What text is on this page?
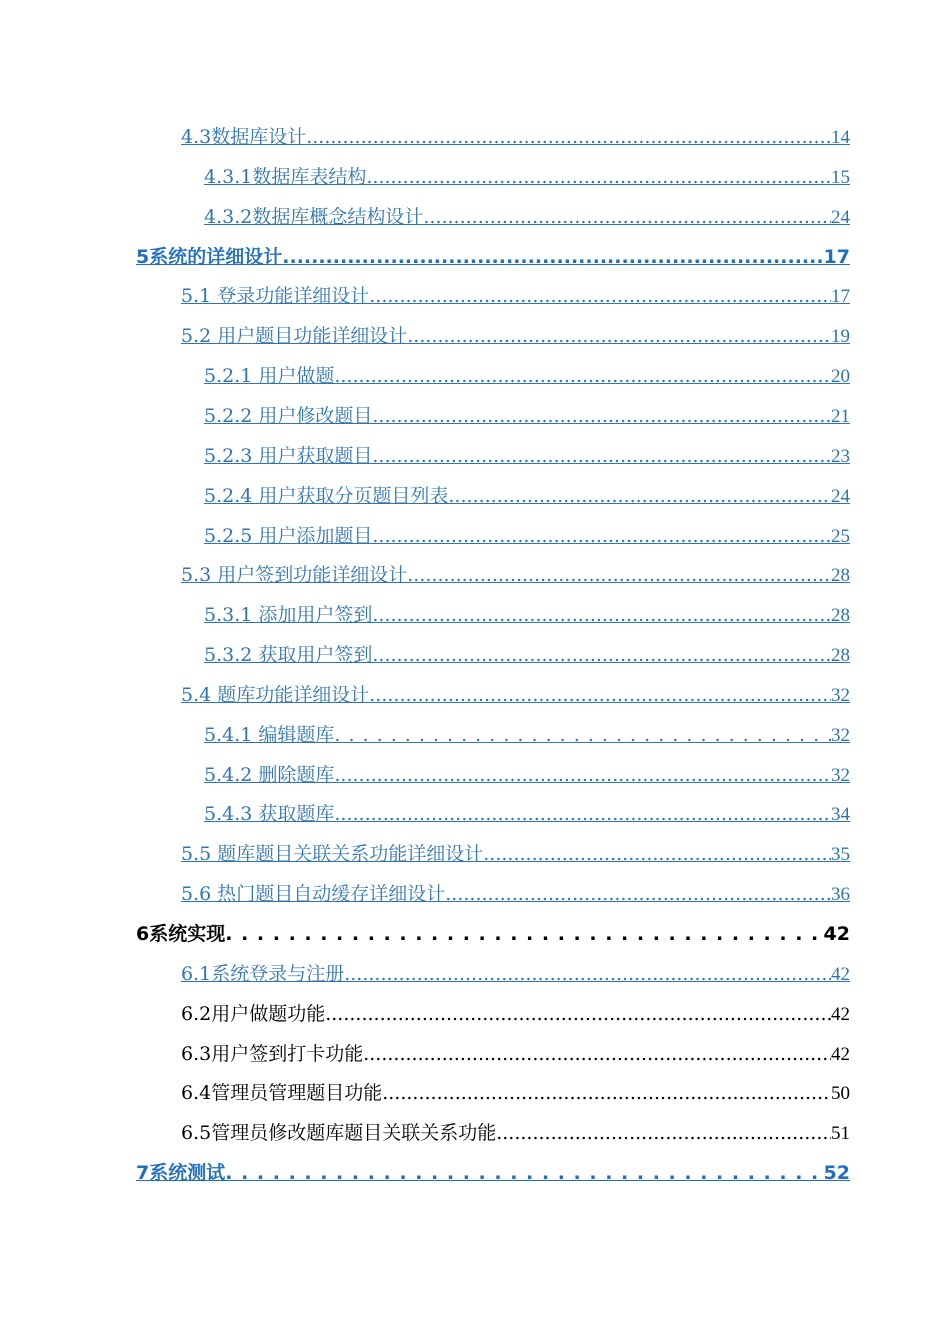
4.3数据库设计 .....	14
4.3.1数据库表结构 .....	15
4.3.2数据库概念结构设计 .....	24
5系统的详细设计 .....	17
5.1 登录功能详细设计 .....	17
5.2 用户题目功能详细设计 .....	19
5.2.1 用户做题 .....	20
5.2.2 用户修改题目 .....	21
5.2.3 用户获取题目 .....	23
5.2.4 用户获取分页题目列表 .....	24
5.2.5 用户添加题目 .....	25
5.3 用户签到功能详细设计 .....	28
5.3.1 添加用户签到 .....	28
5.3.2 获取用户签到 .....	28
5.4 题库功能详细设计 .....	32
5.4.1 编辑题库 . . .	32
5.4.2 删除题库 .....	32
5.4.3 获取题库 .....	34
5.5 题库题目关联关系功能详细设计 .....	35
5.6 热门题目自动缓存详细设计 .....	36
6系统实现 . . .	42
6.1系统登录与注册 .....	42
6.2用户做题功能 .....	42
6.3用户签到打卡功能 .....	42
6.4管理员管理题目功能 .....	50
6.5管理员修改题库题目关联关系功能 .....	51
7系统测试 . . .	52
